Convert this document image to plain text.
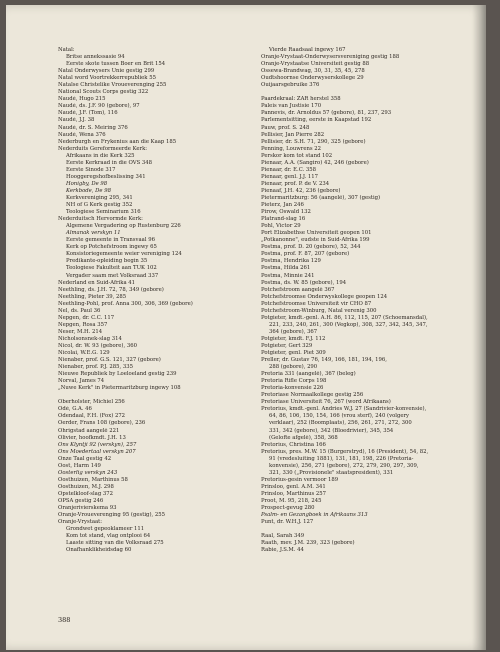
Natal:
Britse annekssasie 94
Eerste skote tussen Boer en Brit 154
Natal Onderwysers Unie gestig 299
Natal word Voortrekkerrepubliek 55
Natalse Christelike Vroueverenging 255
National Scouts Corps gestig 322
Naudé, Hugo 215
Naudé, ds. J.F. 90 (gebore), 97
Naudé, J.F. (Tom), 116
Naudé, J.J. 38
Naudé, dr. S. Meiring 376
Naudé, Wena 376
Nederburgh en Frykenius aan die Kaap 185
Nederduits Gereformeerde Kerk:
Afrikaans in die Kerk 325
Eerste Kerkraad in die OVS 348
Eerste Sinode 317
Hooggeregshofbeslissing 341
Honigby, De 98
Kerkbode, De 98
Kerkvereniging 295, 341
NH of G Kerk gestig 352
Teologiese Seminarium 316
Nederduitsch Hervormde Kerk:
Algemene Vergadering op Rustenburg 226
Almanak verskyn 11
Eerste gemeente in Transvaal 96
Kerk op Potchefstroom ingewy 65
Konsistoriegemeente weier vereniging 124
Predikante-opleiding begin 35
Teologiese Fakulteit aan TUK 102
Vergader saam met Volksraad 337
Nederland en Suid-Afrika 41
Neethling, ds. J.H. 72, 78, 349 (gebore)
Neethling, Pieter 39, 285
Neethling-Pohl, prof. Anna 300, 306, 369 (gebore)
Nel, ds. Paul 36
Nepgen, dr. C.C. 117
Nepgen, Rosa 357
Neser, M.H. 214
Nicholsonsnek-slag 314
Nicol, dr. W. 93 (gebore), 360
Nicolai, W.E.G. 129
Nienaber, prof. G.S. 121, 327 (gebore)
Nienaber, prof. P.J. 285, 335
Nieuwe Republiek by Loeloeland gestig 239
Norval, James 74
„Nuwe Kerk" in Pietermaritzburg ingewy 108
Oberholster, Michiel 256
Odé, G.A. 46
Odendaal, F.H. (Fox) 272
Oerder, Frans 108 (gebore), 236
Ohrigstad aangelê 221
Olivier, hoofkmdt. J.H. 13
Ons Klyntji 92 (verskyn), 257
Ons Moedertaal verskyn 207
Onze Taal gestig 42
Oost, Harm 149
Oosterlig verskyn 243
Oosthuizen, Marthinus 58
Oosthuizen, M.J. 298
Opstelkloof-slag 372
OPSA gestig 246
Oranjerivierskema 93
Oranje-Vroueverenging 95 (gestig), 255
Oranje-Vrystaat:
Grondwet gepeoklameer 111
Kom tot stand, vlag ontplooi 64
Laaste sitting van die Volksraad 275
Onafhanklikheidsdag 60
Vierde Raadsaal ingewy 167
Oranje-Vrystaat-Onderwysersvereniging gestig 188
Oranje-Vrystaatse Universiteit gestig 88
Ossewa-Brandwag, 30, 31, 35, 45, 278
Oudtshoornse Onderwyserskollege 29
Ouijaarsgebruike 376
Paardekraal: ZAR herstel 358
Paleis van Justisie 170
Pannevis, dr. Arnoldus 57 (gebore), 81, 237, 293
Parlementsitting, eerste in Kaapstad 192
Pauw, prof. S. 248
Pellisier, Jan Pierre 282
Pellisier, dr. S.H. 71, 290, 325 (gebore)
Penning, Louwrens 22
Perskor kom tot stand 102
Pienaar, A.A. (Sangiro) 42, 246 (gebore)
Pienaar, dr. E.C. 358
Pienaar, genl. J.J. 117
Pienaar, prof. P. de V. 234
Pienaaf, J.H. 42, 236 (gebore)
Pietermaritzburg: 56 (aangelê), 307 (gestig)
Pieterz, Jan 246
Pirow, Oswald 132
Platrand-slag 16
Pohl, Victor 29
Port Elizabethse Universiteit geopen 101
„Potkanonne", eudste in Suid-Afrika 199
Postma, prof. D. 20 (gebore), 52, 344
Postma, prof. F. 87, 207 (gebore)
Postma, Hendrika 129
Postma, Hilda 261
Postma, Minnie 241
Postma, ds. W. 85 (gebore), 194
Potchefstroom aangelê 367
Potchefstroomse Onderwyskollege geopen 124
Potchefstroomse Universiteit vir CHO 87
Potchefstroom-Winburg, Natal verenig 300
Potgieter, kmdt.-genl. A.H. 86, 112, 115, 207 (Schoemansdal),
221, 233, 240, 261, 300 (Vegkop), 308, 327, 342, 345, 347,
364 (gebore), 367
Potgieter, kmdt. F.J. 112
Potgieter, Gert 329
Potgieter, genl. Piet 309
Preller, dr. Gustav 76, 149, 166, 181, 194, 196,
288 (gebore), 290
Pretoria 331 (aangelê), 367 (beleg)
Pretoria Rifle Corps 198
Pretoria-konvensie 226
Pretoriase Normaalkollege gestig 256
Pretoriase Universiteit 76, 267 (word Afrikaans)
Pretorius, kmdt.-genl. Andries W.J. 27 (Sandrivier-konvensie),
64, 86, 106, 150, 154, 166 (vrou sterf), 240 (volgery
verklaar), 252 (Boomplaats), 256, 261, 271, 272, 300
331, 342 (gebore), 342 (Bloedrivier), 345, 354
(Gelofte afgelê), 358, 368
Pretorius, Christina 166
Pretorius, pres. M.W. 15 (Burgerstryd), 16 (President), 54, 82,
91 (vredesluiting 1881), 131, 181, 198, 226 (Pretoria-
konvensie), 256, 271 (gebore), 272, 279, 290, 297, 309,
321, 330 („Provisionele" staatspresident), 331
Pretorius-gesin vermoor 189
Prinsloo, genl. A.M. 341
Prinsloo, Marthinus 257
Proot, M. 95, 218, 245
Prospect-gevug 280
Psalm- en Gezangboek in Afrikaans 313
Punt, dr. W.H.J. 127
Raal, Sarah 349
Raath, mev. J.M. 239, 323 (gebore)
Rabie, J.S.M. 44
388
